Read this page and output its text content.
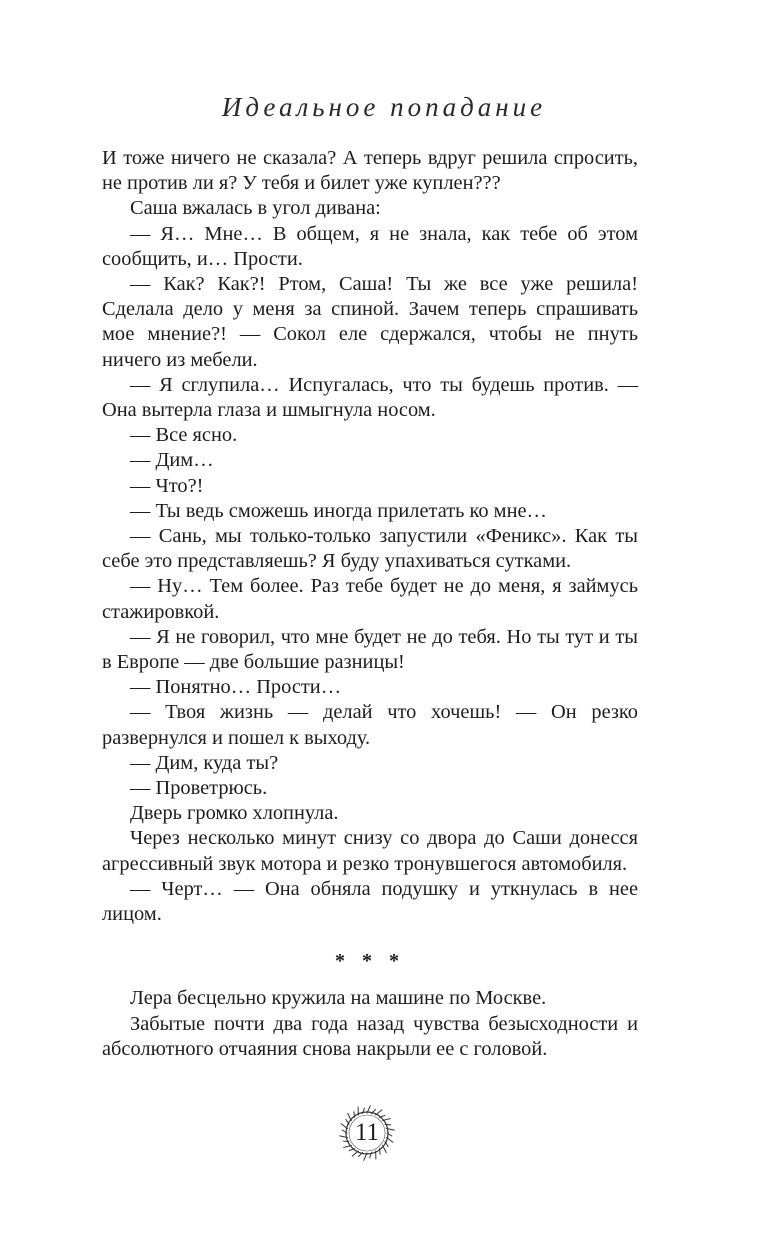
Идеальное попадание

И тоже ничего не сказала? А теперь вдруг решила спросить, не против ли я? У тебя и билет уже куплен???

Саша вжалась в угол дивана:

— Я… Мне… В общем, я не знала, как тебе об этом сообщить, и… Прости.

— Как? Как?! Ртом, Саша! Ты же все уже решила! Сделала дело у меня за спиной. Зачем теперь спрашивать мое мнение?! — Сокол еле сдержался, чтобы не пнуть ничего из мебели.

— Я сглупила… Испугалась, что ты будешь против. — Она вытерла глаза и шмыгнула носом.

— Все ясно.

— Дим…

— Что?!

— Ты ведь сможешь иногда прилетать ко мне…

— Сань, мы только-только запустили «Феникс». Как ты себе это представляешь? Я буду упахиваться сутками.

— Ну… Тем более. Раз тебе будет не до меня, я займусь стажировкой.

— Я не говорил, что мне будет не до тебя. Но ты тут и ты в Европе — две большие разницы!

— Понятно… Прости…

— Твоя жизнь — делай что хочешь! — Он резко развернулся и пошел к выходу.

— Дим, куда ты?

— Проветрюсь.

Дверь громко хлопнула.

Через несколько минут снизу со двора до Саши донесся агрессивный звук мотора и резко тронувшегося автомобиля.

— Черт… — Она обняла подушку и уткнулась в нее лицом.

* * *

Лера бесцельно кружила на машине по Москве.

Забытые почти два года назад чувства безысходности и абсолютного отчаяния снова накрыли ее с головой.

11
